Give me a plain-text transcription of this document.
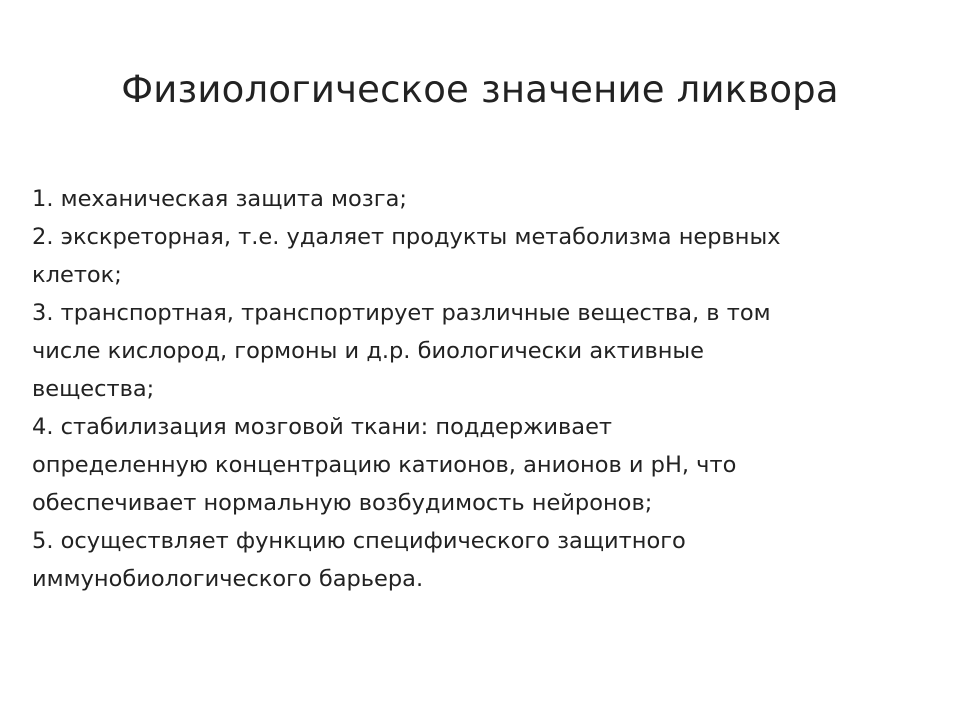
Физиологическое значение ликвора
1. механическая защита мозга;
2. экскреторная, т.е. удаляет продукты метаболизма нервных
клеток;
3. транспортная, транспортирует различные вещества, в том
числе кислород, гормоны и д.р. биологически активные
вещества;
4. стабилизация мозговой ткани: поддерживает
определенную концентрацию катионов, анионов и рН, что
обеспечивает нормальную возбудимость нейронов;
5. осуществляет функцию специфического защитного
иммунобиологического барьера.
